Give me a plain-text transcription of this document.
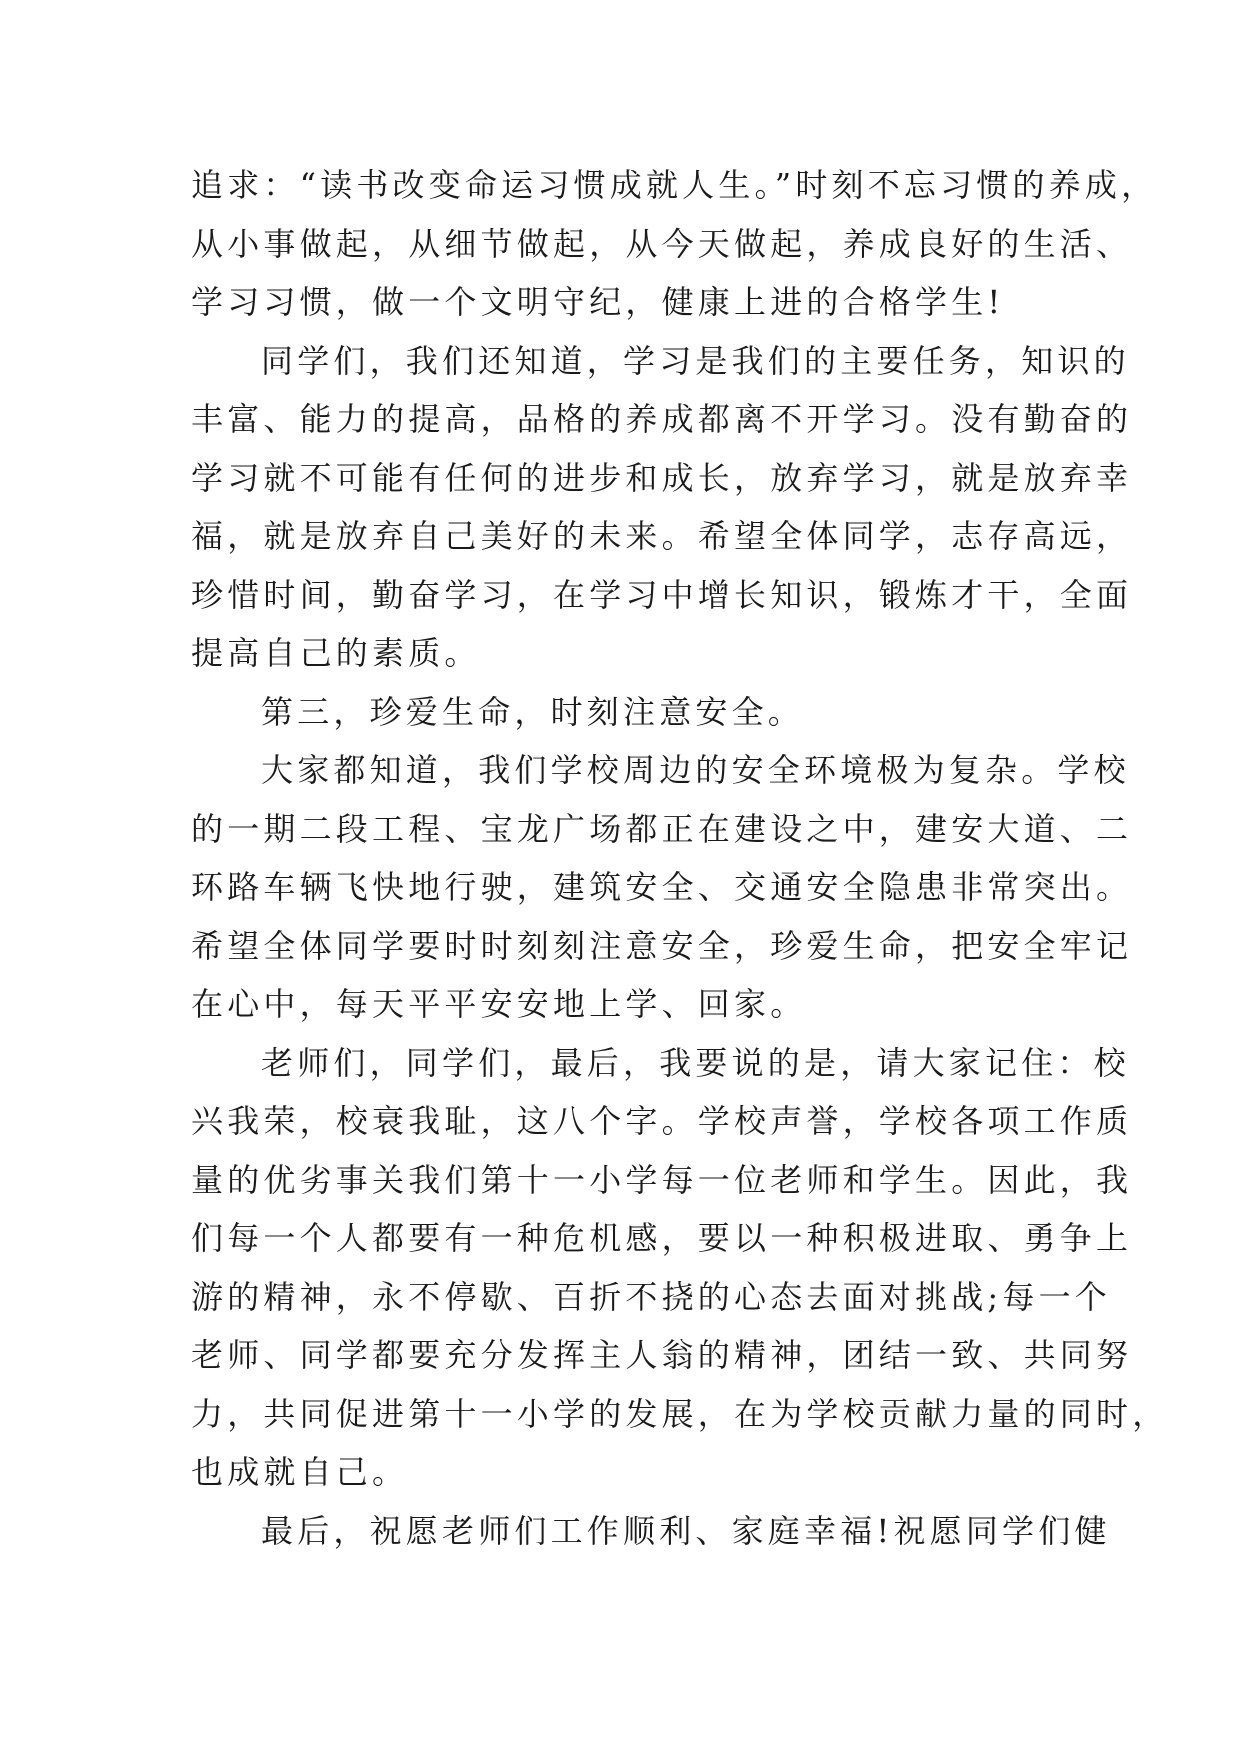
追求：“读书改变命运习惯成就人生。”时刻不忘习惯的养成，
从小事做起，从细节做起，从今天做起，养成良好的生活、
学习习惯，做一个文明守纪，健康上进的合格学生!
同学们，我们还知道，学习是我们的主要任务，知识的
丰富、能力的提高，品格的养成都离不开学习。没有勤奋的
学习就不可能有任何的进步和成长，放弃学习，就是放弃幸
福，就是放弃自己美好的未来。希望全体同学，志存高远，
珍惜时间，勤奋学习，在学习中增长知识，锻炼才干，全面
提高自己的素质。
第三，珍爱生命，时刻注意安全。
大家都知道，我们学校周边的安全环境极为复杂。学校
的一期二段工程、宝龙广场都正在建设之中，建安大道、二
环路车辆飞快地行驶，建筑安全、交通安全隐患非常突出。
希望全体同学要时时刻刻注意安全，珍爱生命，把安全牢记
在心中，每天平平安安地上学、回家。
老师们，同学们，最后，我要说的是，请大家记住：校
兴我荣，校衰我耻，这八个字。学校声誉，学校各项工作质
量的优劣事关我们第十一小学每一位老师和学生。因此，我
们每一个人都要有一种危机感，要以一种积极进取、勇争上
游的精神，永不停歇、百折不挠的心态去面对挑战;每一个
老师、同学都要充分发挥主人翁的精神，团结一致、共同努
力，共同促进第十一小学的发展，在为学校贡献力量的同时，
也成就自己。
最后，祝愿老师们工作顺利、家庭幸福!祝愿同学们健
